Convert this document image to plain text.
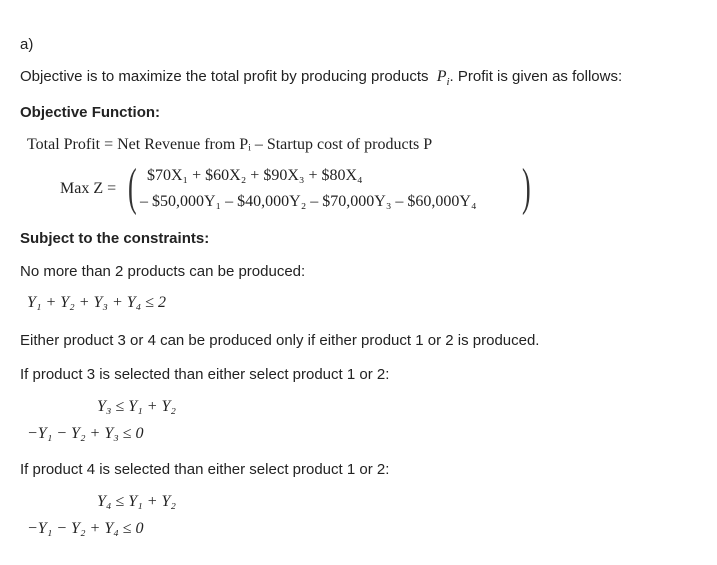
a)
Objective is to maximize the total profit by producing products $P_i$. Profit is given as follows:
Objective Function:
Total Profit = Net Revenue from Pᵢ – Startup cost of products P
Max Z = (	)
$70X₁ + $60X₂ + $90X₃ + $80X₄
– $50,000Y₁ – $40,000Y₂ – $70,000Y₃ – $60,000Y₄
Subject to the constraints:
No more than 2 products can be produced:
Y₁ + Y₂ + Y₃ + Y₄ ≤ 2
Either product 3 or 4 can be produced only if either product 1 or 2 is produced.
If product 3 is selected than either select product 1 or 2:
Y₃ ≤ Y₁ + Y₂
−Y₁ − Y₂ + Y₃ ≤ 0
If product 4 is selected than either select product 1 or 2:
Y₄ ≤ Y₁ + Y₂
−Y₁ − Y₂ + Y₄ ≤ 0
